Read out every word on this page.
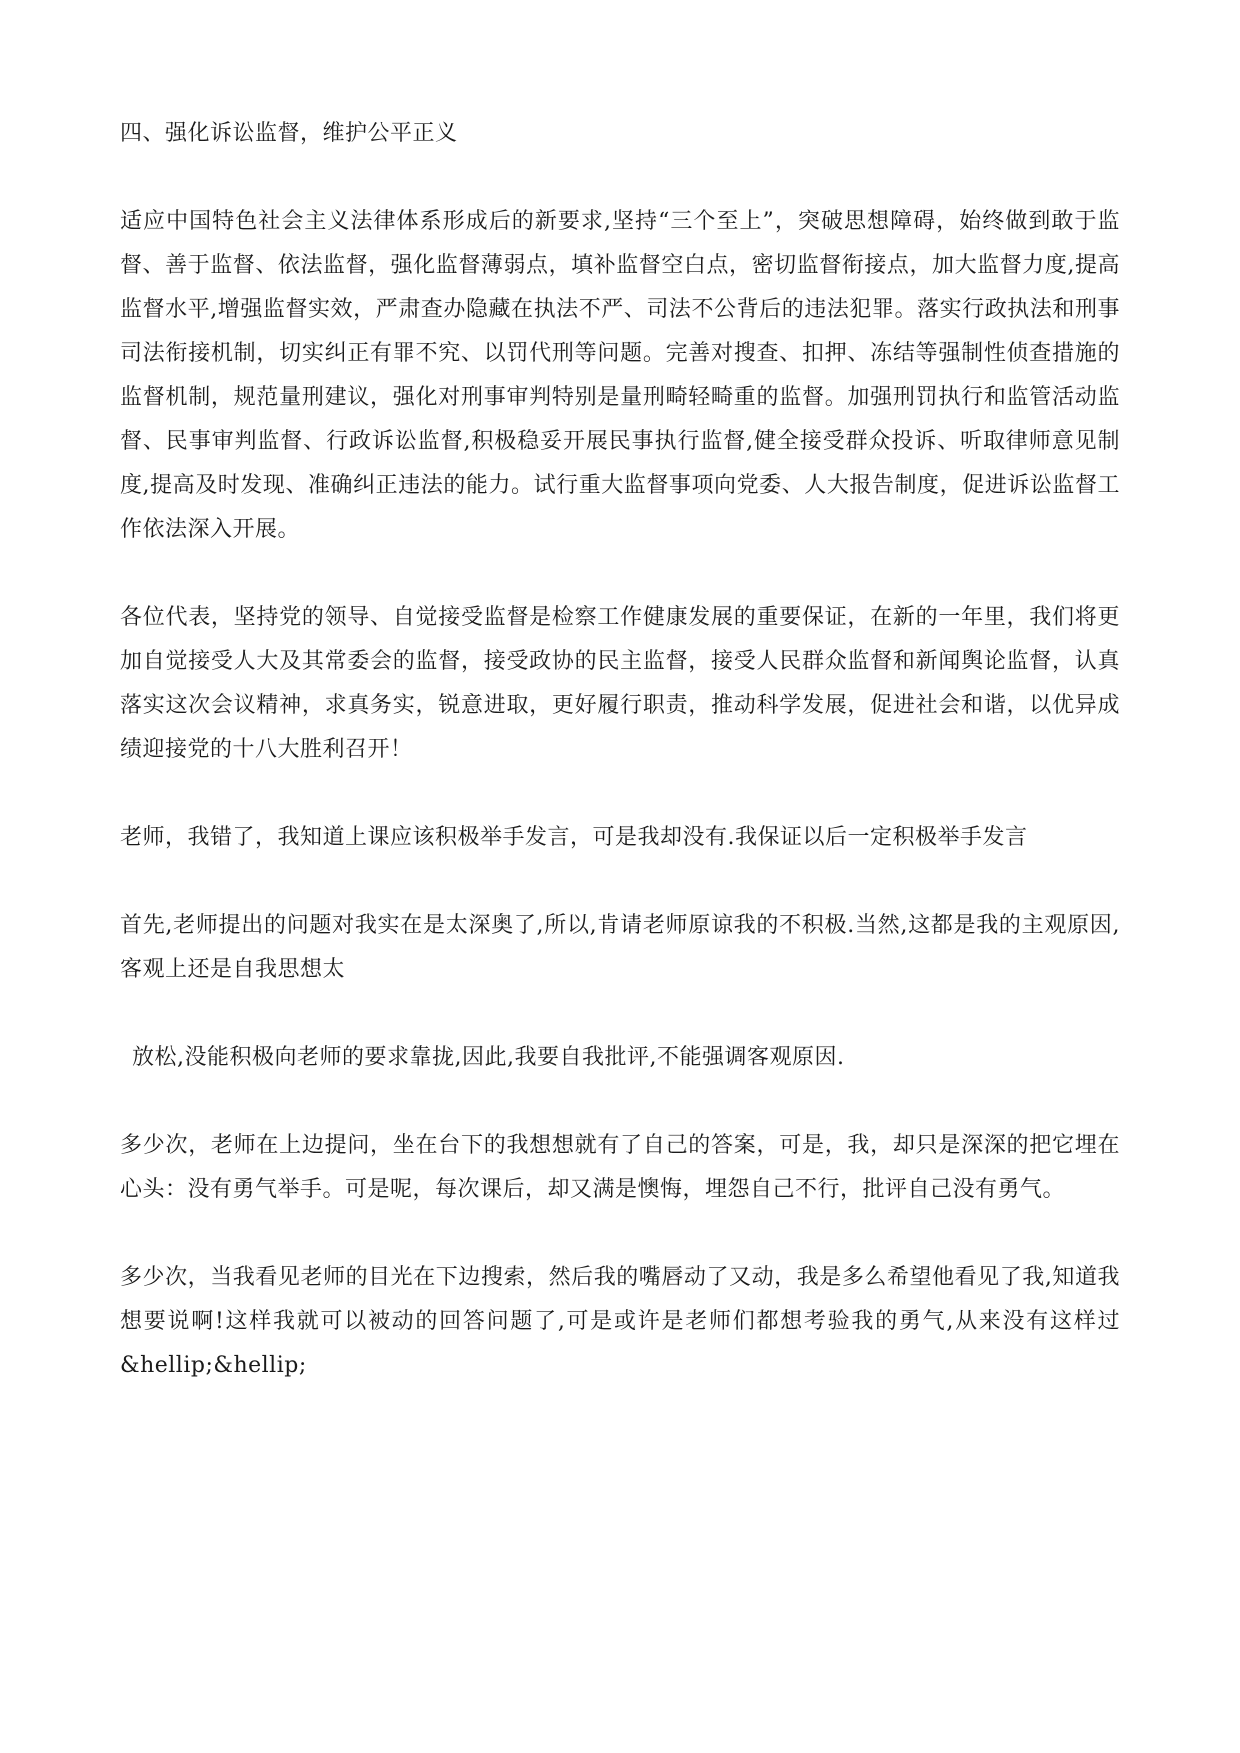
四、强化诉讼监督，维护公平正义

适应中国特色社会主义法律体系形成后的新要求,坚持“三个至上”，突破思想障碍，始终做到敢于监督、善于监督、依法监督，强化监督薄弱点，填补监督空白点，密切监督衔接点，加大监督力度,提高监督水平,增强监督实效，严肃查办隐藏在执法不严、司法不公背后的违法犯罪。落实行政执法和刑事司法衔接机制，切实纠正有罪不究、以罚代刑等问题。完善对搜查、扣押、冻结等强制性侦查措施的监督机制，规范量刑建议，强化对刑事审判特别是量刑畸轻畸重的监督。加强刑罚执行和监管活动监督、民事审判监督、行政诉讼监督,积极稳妥开展民事执行监督,健全接受群众投诉、听取律师意见制度,提高及时发现、准确纠正违法的能力。试行重大监督事项向党委、人大报告制度，促进诉讼监督工作依法深入开展。

各位代表，坚持党的领导、自觉接受监督是检察工作健康发展的重要保证，在新的一年里，我们将更加自觉接受人大及其常委会的监督，接受政协的民主监督，接受人民群众监督和新闻舆论监督，认真落实这次会议精神，求真务实，锐意进取，更好履行职责，推动科学发展，促进社会和谐，以优异成绩迎接党的十八大胜利召开！

老师，我错了，我知道上课应该积极举手发言，可是我却没有.我保证以后一定积极举手发言

首先,老师提出的问题对我实在是太深奥了,所以,肯请老师原谅我的不积极.当然,这都是我的主观原因,客观上还是自我思想太

放松,没能积极向老师的要求靠拢,因此,我要自我批评,不能强调客观原因.

多少次，老师在上边提问，坐在台下的我想想就有了自己的答案，可是，我，却只是深深的把它埋在心头：没有勇气举手。可是呢，每次课后，却又满是懊悔，埋怨自己不行，批评自己没有勇气。

多少次，当我看见老师的目光在下边搜索，然后我的嘴唇动了又动，我是多么希望他看见了我,知道我想要说啊!这样我就可以被动的回答问题了,可是或许是老师们都想考验我的勇气,从来没有这样过&hellip;&hellip;
